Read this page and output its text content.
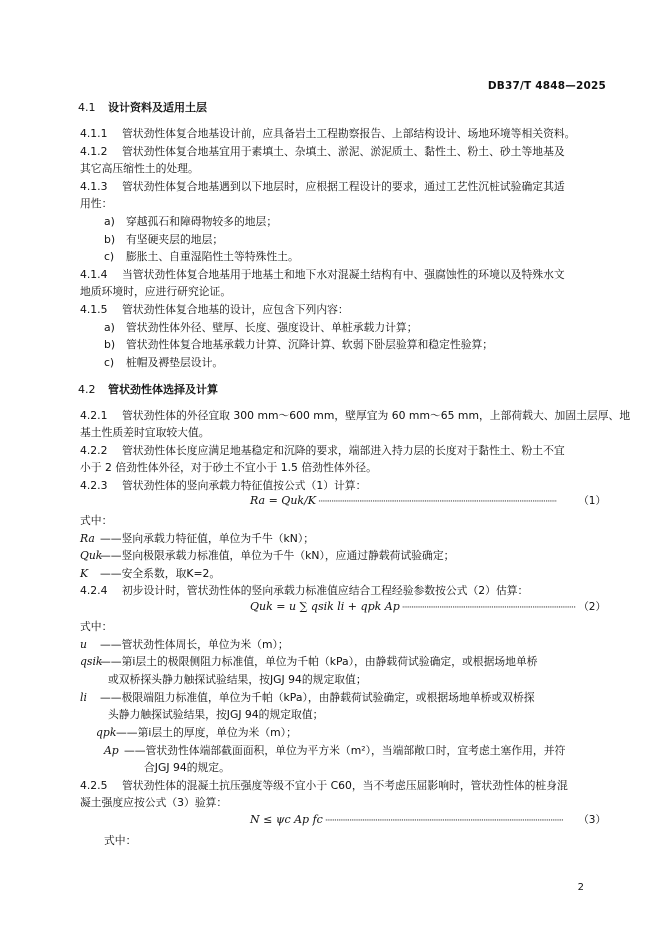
DB37/T 4848—2025
4.1 设计资料及适用土层
4.1.1 管状劲性体复合地基设计前，应具备岩土工程勘察报告、上部结构设计、场地环境等相关资料。
4.1.2 管状劲性体复合地基宜用于素填土、杂填土、淤泥、淤泥质土、黏性土、粉土、砂土等地基及
其它高压缩性土的处理。
4.1.3 管状劲性体复合地基遇到以下地层时，应根据工程设计的要求，通过工艺性沉桩试验确定其适
用性：
a) 穿越孤石和障碍物较多的地层；
b) 有坚硬夹层的地层；
c) 膨胀土、自重湿陷性土等特殊性土。
4.1.4 当管状劲性体复合地基用于地基土和地下水对混凝土结构有中、强腐蚀性的环境以及特殊水文
地质环境时，应进行研究论证。
4.1.5 管状劲性体复合地基的设计，应包含下列内容：
a) 管状劲性体外径、壁厚、长度、强度设计、单桩承载力计算；
b) 管状劲性体复合地基承载力计算、沉降计算、软弱下卧层验算和稳定性验算；
c) 桩帽及褥垫层设计。
4.2 管状劲性体选择及计算
4.2.1 管状劲性体的外径宜取 300 mm～600 mm，壁厚宜为 60 mm～65 mm，上部荷载大、加固土层厚、地
基土性质差时宜取较大值。
4.2.2 管状劲性体长度应满足地基稳定和沉降的要求，端部进入持力层的长度对于黏性土、粉土不宜
小于 2 倍劲性体外径，对于砂土不宜小于 1.5 倍劲性体外径。
4.2.3 管状劲性体的竖向承载力特征值按公式（1）计算：
Ra = Quk/K ·····	（1）
式中：
Ra ——竖向承载力特征值，单位为千牛（kN）；
Quk——竖向极限承载力标准值，单位为千牛（kN），应通过静载荷试验确定；
K ——安全系数，取K=2。
4.2.4 初步设计时，管状劲性体的竖向承载力标准值应结合工程经验参数按公式（2）估算：
Quk = u ∑ qsik li + qpk Ap ·····	（2）
式中：
u ——管状劲性体周长，单位为米（m）；
qsik——第i层土的极限侧阻力标准值，单位为千帕（kPa），由静载荷试验确定，或根据场地单桥
或双桥探头静力触探试验结果，按JGJ 94的规定取值；
li ——极限端阻力标准值，单位为千帕（kPa），由静载荷试验确定，或根据场地单桥或双桥探
头静力触探试验结果，按JGJ 94的规定取值；
qpk——第i层土的厚度，单位为米（m）；
Ap ——管状劲性体端部截面面积，单位为平方米（m²），当端部敞口时，宜考虑土塞作用，并符
合JGJ 94的规定。
4.2.5 管状劲性体的混凝土抗压强度等级不宜小于 C60，当不考虑压屈影响时，管状劲性体的桩身混
凝土强度应按公式（3）验算：
N ≤ ψc Ap fc ·····	（3）
式中：
2
